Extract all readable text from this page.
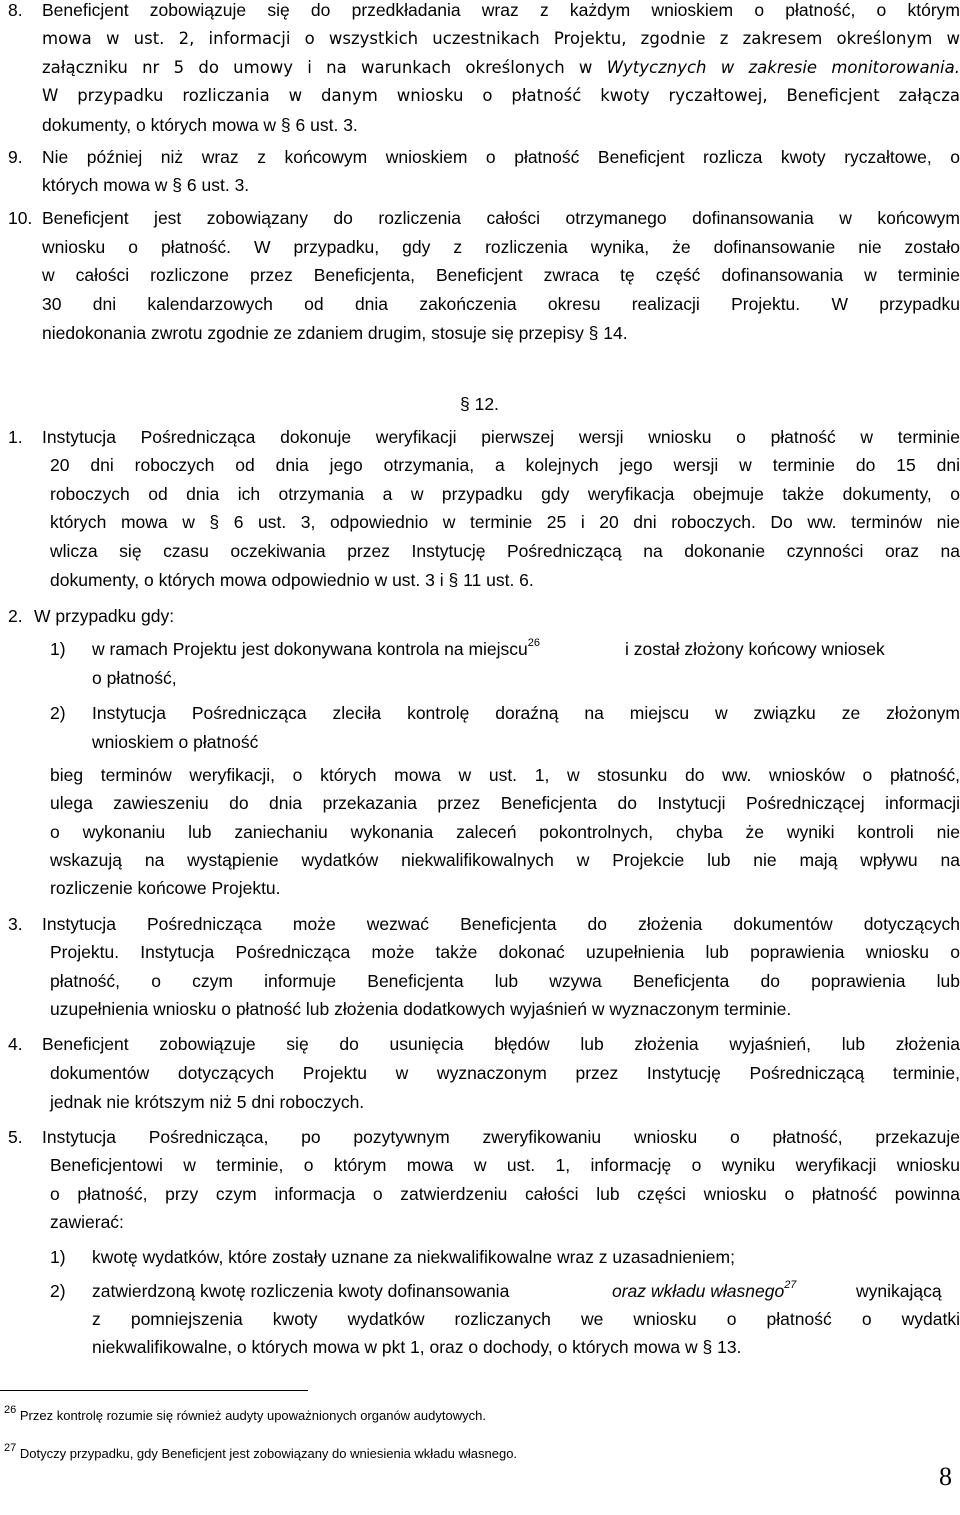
8. Beneficjent zobowiązuje się do przedkładania wraz z każdym wnioskiem o płatność, o którym
mowa w ust. 2, informacji o wszystkich uczestnikach Projektu, zgodnie z zakresem określonym w
załączniku nr 5 do umowy i na warunkach określonych w Wytycznych w zakresie monitorowania.
W przypadku rozliczania w danym wniosku o płatność kwoty ryczałtowej, Beneficjent załącza
dokumenty, o których mowa w § 6 ust. 3.
9. Nie później niż wraz z końcowym wnioskiem o płatność Beneficjent rozlicza kwoty ryczałtowe, o
których mowa w § 6 ust. 3.
10. Beneficjent jest zobowiązany do rozliczenia całości otrzymanego dofinansowania w końcowym
wniosku o płatność. W przypadku, gdy z rozliczenia wynika, że dofinansowanie nie zostało
w całości rozliczone przez Beneficjenta, Beneficjent zwraca tę część dofinansowania w terminie
30 dni kalendarzowych od dnia zakończenia okresu realizacji Projektu. W przypadku
niedokonania zwrotu zgodnie ze zdaniem drugim, stosuje się przepisy § 14.
§ 12.
1. Instytucja Pośrednicząca dokonuje weryfikacji pierwszej wersji wniosku o płatność w terminie
20 dni roboczych od dnia jego otrzymania, a kolejnych jego wersji w terminie do 15 dni
roboczych od dnia ich otrzymania a w przypadku gdy weryfikacja obejmuje także dokumenty, o
których mowa w § 6 ust. 3, odpowiednio w terminie 25 i 20 dni roboczych. Do ww. terminów nie
wlicza się czasu oczekiwania przez Instytucję Pośredniczącą na dokonanie czynności oraz na
dokumenty, o których mowa odpowiednio w ust. 3 i § 11 ust. 6.
2. W przypadku gdy:
1) w ramach Projektu jest dokonywana kontrola na miejscu$^{26}$	i został złożony końcowy wniosek
o płatność,
2) Instytucja Pośrednicząca zleciła kontrolę doraźną na miejscu w związku ze złożonym
wnioskiem o płatność
bieg terminów weryfikacji, o których mowa w ust. 1, w stosunku do ww. wniosków o płatność,
ulega zawieszeniu do dnia przekazania przez Beneficjenta do Instytucji Pośredniczącej informacji
o wykonaniu lub zaniechaniu wykonania zaleceń pokontrolnych, chyba że wyniki kontroli nie
wskazują na wystąpienie wydatków niekwalifikowalnych w Projekcie lub nie mają wpływu na
rozliczenie końcowe Projektu.
3. Instytucja Pośrednicząca może wezwać Beneficjenta do złożenia dokumentów dotyczących
Projektu. Instytucja Pośrednicząca może także dokonać uzupełnienia lub poprawienia wniosku o
płatność, o czym informuje Beneficjenta lub wzywa Beneficjenta do poprawienia lub
uzupełnienia wniosku o płatność lub złożenia dodatkowych wyjaśnień w wyznaczonym terminie.
4. Beneficjent zobowiązuje się do usunięcia błędów lub złożenia wyjaśnień, lub złożenia
dokumentów dotyczących Projektu w wyznaczonym przez Instytucję Pośredniczącą terminie,
jednak nie krótszym niż 5 dni roboczych.
5. Instytucja Pośrednicząca, po pozytywnym zweryfikowaniu wniosku o płatność, przekazuje
Beneficjentowi w terminie, o którym mowa w ust. 1, informację o wyniku weryfikacji wniosku
o płatność, przy czym informacja o zatwierdzeniu całości lub części wniosku o płatność powinna
zawierać:
1) kwotę wydatków, które zostały uznane za niekwalifikowalne wraz z uzasadnieniem;
2) zatwierdzoną kwotę rozliczenia kwoty dofinansowania	oraz wkładu własnego$^{27}$	wynikającą
z pomniejszenia kwoty wydatków rozliczanych we wniosku o płatność o wydatki
niekwalifikowalne, o których mowa w pkt 1, oraz o dochody, o których mowa w § 13.
$^{26}$ Przez kontrolę rozumie się również audyty upoważnionych organów audytowych.
$^{27}$ Dotyczy przypadku, gdy Beneficjent jest zobowiązany do wniesienia wkładu własnego.
8
